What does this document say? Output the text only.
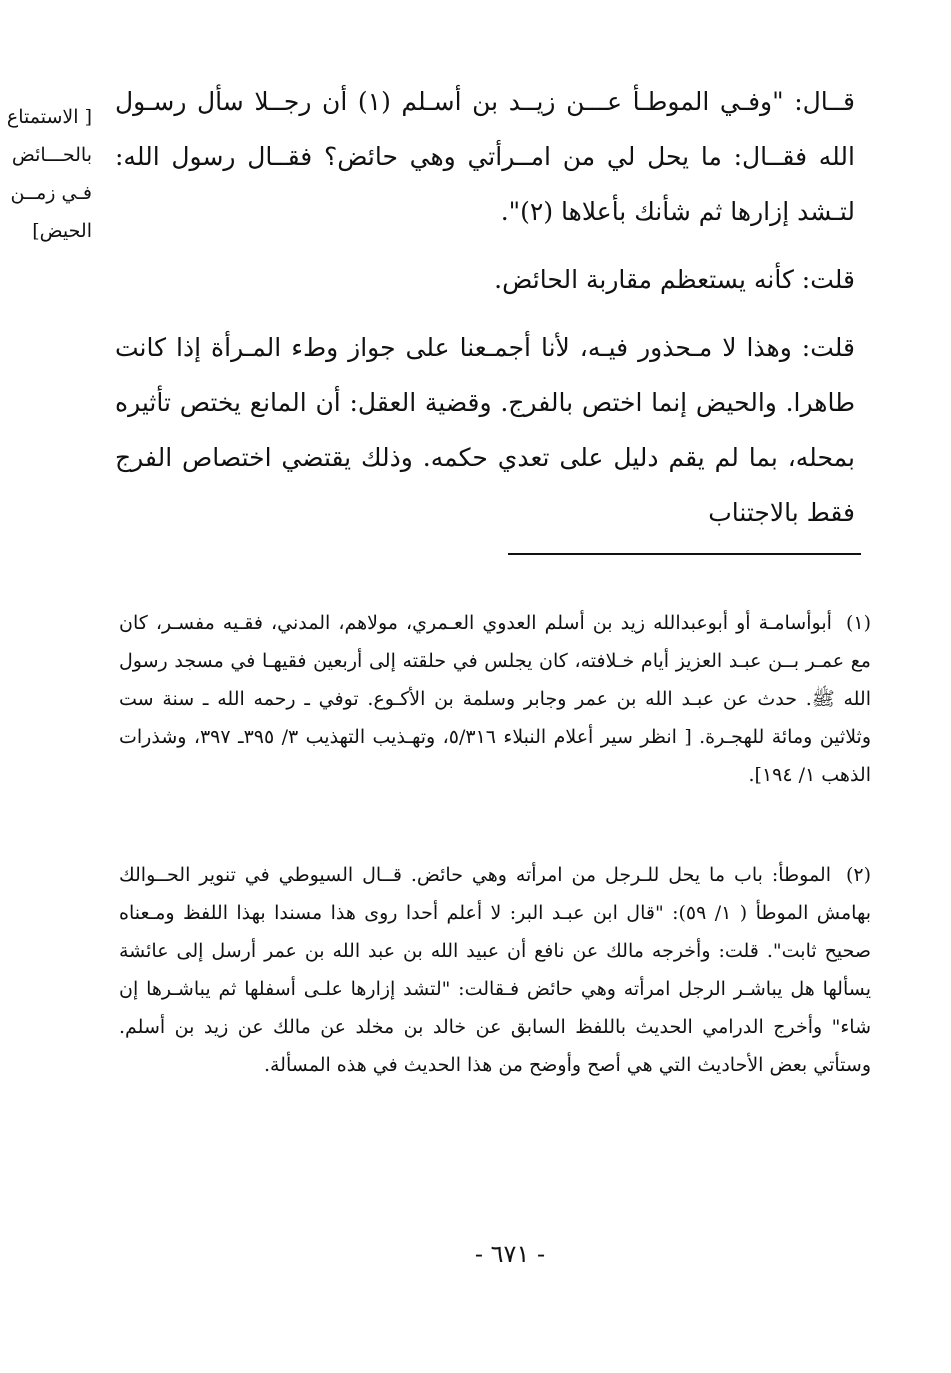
[ الاستمتاع
بالحـــائض
فـي زمــن
الحيض]

قــال: "وفـي الموطـأ عـــن زيــد بن أسـلم (١) أن رجــلا سأل رسـول الله فقــال: ما يحل لي من امــرأتي وهي حائض؟ فقــال رسول الله: لتـشد إزارها ثم شأنك بأعلاها (٢)".

قلت: كأنه يستعظم مقاربة الحائض.

قلت: وهذا لا مـحذور فيـه، لأنا أجمـعنا على جواز وطء المـرأة إذا كانت طاهرا. والحيض إنما اختص بالفرج. وقضية العقل: أن المانع يختص تأثيره بمحله، بما لم يقم دليل على تعدي حكمه. وذلك يقتضي اختصاص الفرج فقط بالاجتناب

(١) أبوأسامـة أو أبوعبدالله زيد بن أسلم العدوي العـمري، مولاهم، المدني، فقـيه مفسـر، كان مع عمـر بــن عبـد العزيز أيام خـلافته، كان يجلس في حلقته إلى أربعين فقيهـا في مسجد رسول الله ﷺ. حدث عن عبـد الله بن عمر وجابر وسلمة بن الأكـوع. توفي ـ رحمه الله ـ سنة ست وثلاثين ومائة للهجـرة. [ انظر سير أعلام النبلاء ٥/٣١٦، وتهـذيب التهذيب ٣/ ٣٩٥ـ ٣٩٧، وشذرات الذهب ١/ ١٩٤].

(٢) الموطأ: باب ما يحل للـرجل من امرأته وهي حائض. قــال السيوطي في تنوير الحــوالك بهامش الموطأ ( ١/ ٥٩): "قال ابن عبـد البر: لا أعلم أحدا روى هذا مسندا بهذا اللفظ ومـعناه صحيح ثابت". قلت: وأخرجه مالك عن نافع أن عبيد الله بن عبد الله بن عمر أرسل إلى عائشة يسألها هل يباشـر الرجل امرأته وهي حائض فـقالت: "لتشد إزارها علـى أسفلها ثم يباشـرها إن شاء" وأخرج الدرامي الحديث باللفظ السابق عن خالد بن مخلد عن مالك عن زيد بن أسلم. وستأتي بعض الأحاديث التي هي أصح وأوضح من هذا الحديث في هذه المسألة.

- ٦٧١ -
